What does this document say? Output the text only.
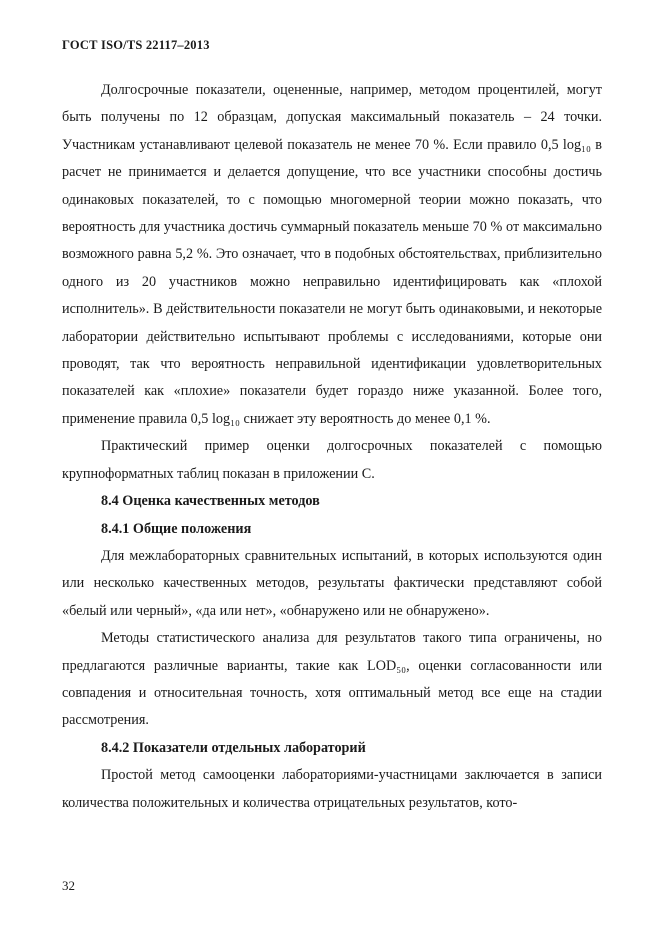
ГОСТ ISO/TS 22117–2013

Долгосрочные показатели, оцененные, например, методом процентилей, могут быть получены по 12 образцам, допуская максимальный показатель – 24 точки. Участникам устанавливают целевой показатель не менее 70 %. Если правило 0,5 log₁₀ в расчет не принимается и делается допущение, что все участники способны достичь одинаковых показателей, то с помощью многомерной теории можно показать, что вероятность для участника достичь суммарный показатель меньше 70 % от максимально возможного равна 5,2 %. Это означает, что в подобных обстоятельствах, приблизительно одного из 20 участников можно неправильно идентифицировать как «плохой исполнитель». В действительности показатели не могут быть одинаковыми, и некоторые лаборатории действительно испытывают проблемы с исследованиями, которые они проводят, так что вероятность неправильной идентификации удовлетворительных показателей как «плохие» показатели будет гораздо ниже указанной. Более того, применение правила 0,5 log₁₀ снижает эту вероятность до менее 0,1 %.

Практический пример оценки долгосрочных показателей с помощью крупноформатных таблиц показан в приложении С.

8.4 Оценка качественных методов
8.4.1 Общие положения

Для межлабораторных сравнительных испытаний, в которых используются один или несколько качественных методов, результаты фактически представляют собой «белый или черный», «да или нет», «обнаружено или не обнаружено».

Методы статистического анализа для результатов такого типа ограничены, но предлагаются различные варианты, такие как LOD₅₀, оценки согласованности или совпадения и относительная точность, хотя оптимальный метод все еще на стадии рассмотрения.

8.4.2 Показатели отдельных лабораторий

Простой метод самооценки лабораториями-участницами заключается в записи количества положительных и количества отрицательных результатов, кото-

32
